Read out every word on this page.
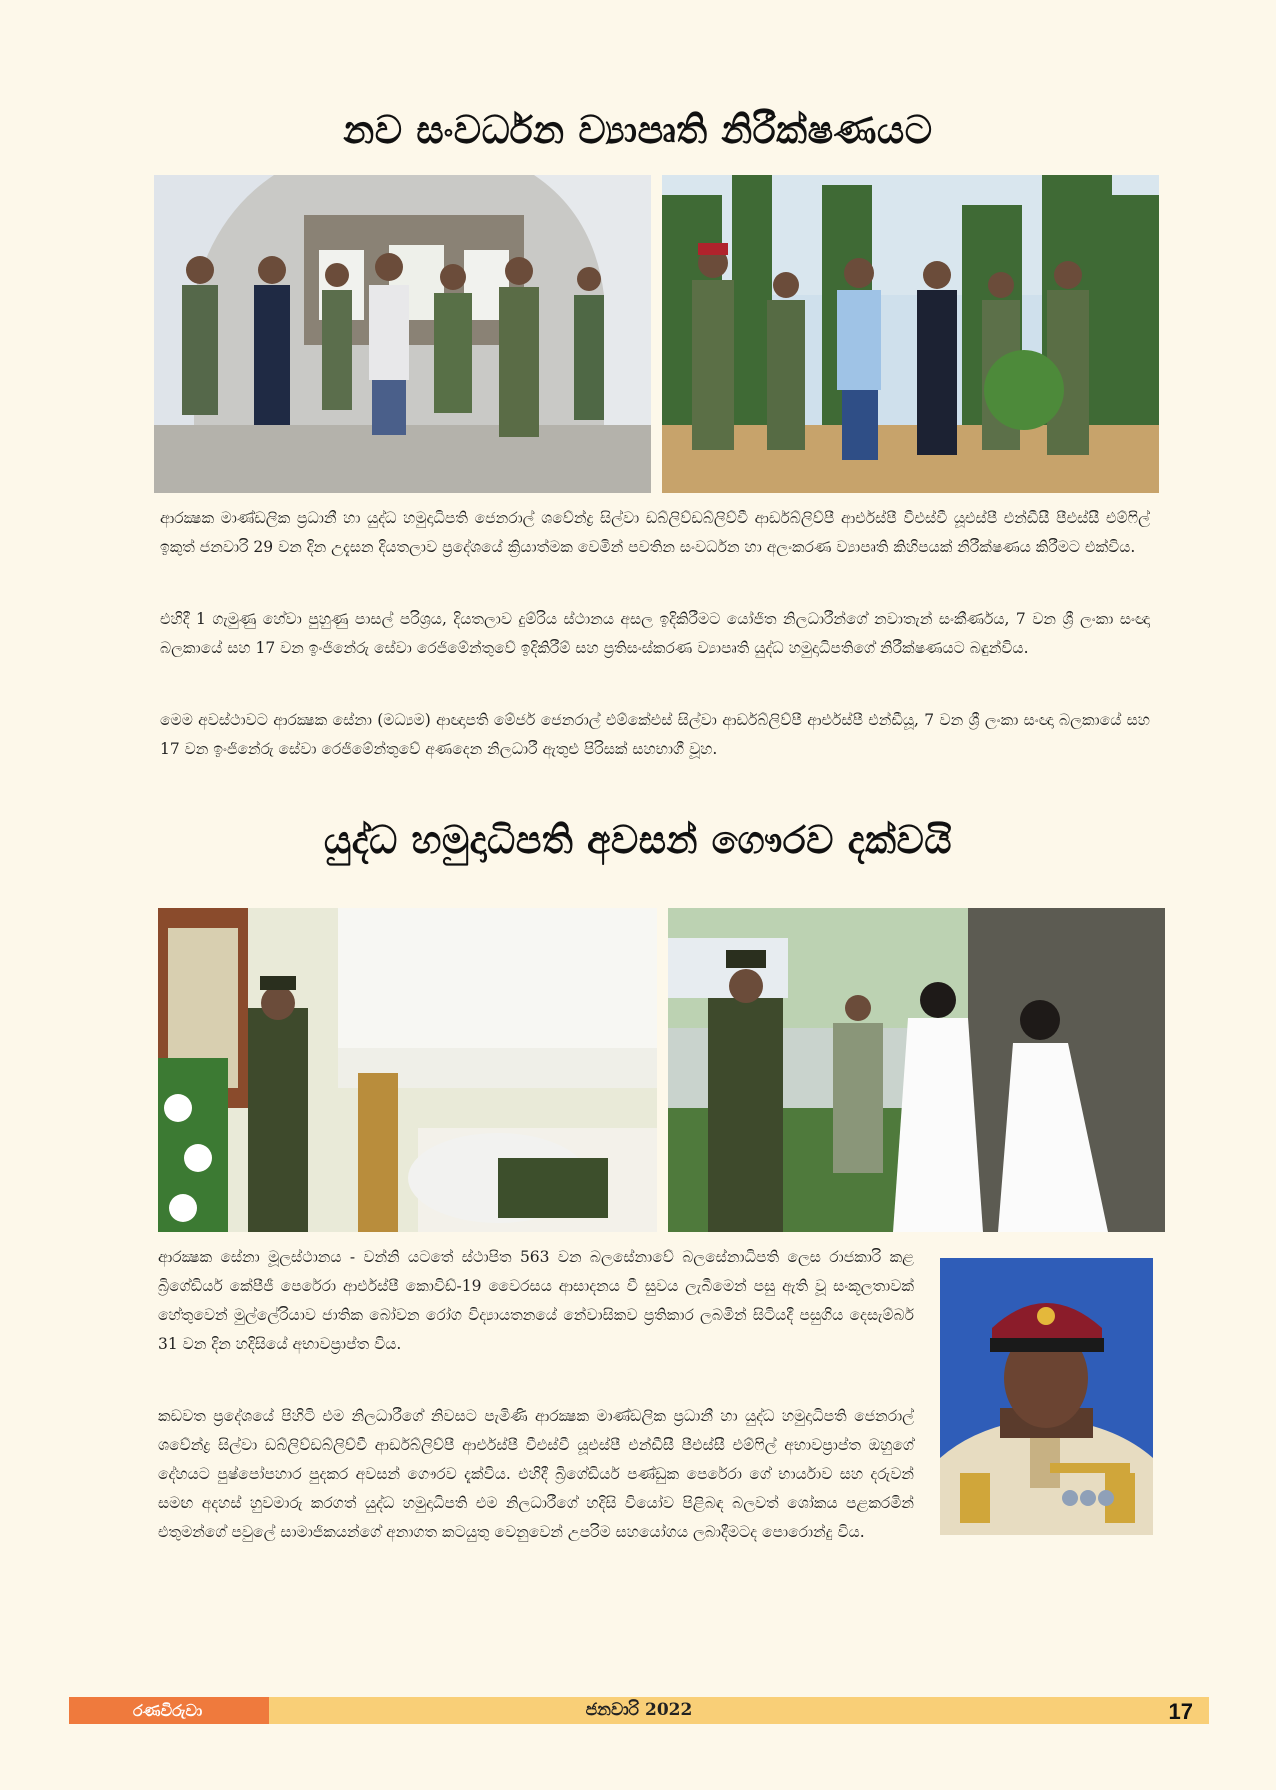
නව සංවර්ධන ව්‍යාපෘති නිරීක්ෂණයට

ආරක්‍ෂක මාණ්ඩලික ප්‍රධානී හා යුද්ධ හමුදාධිපති ජෙනරාල් ශවේන්ද්‍ර සිල්වා ඩබ්ලිව්ඩබ්ලිව්වී ආර්ඩබ්ලිව්පී ආර්එස්පී වීඑස්වී යූඑස්පී එන්ඩීසී පීඑස්සී එම්ෆිල් ඉකුත් ජනවාරි 29 වන දින උදැසන දියතලාව ප්‍රදේශයේ ක්‍රියාත්මක වෙමින් පවතින සංවර්ධන හා අලංකරණ ව්‍යාපෘති කිහිපයක් නිරීක්ෂණය කිරීමට එක්විය.

එහිදී 1 ගැමුණු හේවා පුහුණු පාසල් පරිශ්‍රය, දියතලාව දුම්රිය ස්ථානය අසල ඉදිකිරීමට යෝජිත නිලධාරීන්ගේ නවාතැන් සංකීර්ණය, 7 වන ශ්‍රී ලංකා සංඥා බලකායේ සහ 17 වන ඉංජිනේරු සේවා රෙජිමේන්තුවේ ඉදිකිරීම් සහ ප්‍රතිසංස්කරණ ව්‍යාපෘති යුද්ධ හමුදාධිපතිගේ නිරීක්ෂණයට බඳුන්විය.

මෙම අවස්ථාවට ආරක්‍ෂක සේනා (මධ්‍යම) ආඥාපති මේජර් ජෙනරාල් එම්කේඑස් සිල්වා ආර්ඩබ්ලිව්පී ආර්එස්පී එන්ඩීයූ, 7 වන ශ්‍රී ලංකා සංඥා බලකායේ සහ 17 වන ඉංජිනේරු සේවා රෙජිමේන්තුවේ අණදෙන නිලධාරී ඇතුළු පිරිසක් සහභාගී වූහ.

යුද්ධ හමුදාධිපති අවසන් ගෞරව දක්වයි

ආරක්‍ෂක සේනා මූලස්ථානය - වන්නි යටතේ ස්ථාපිත 563 වන බලසේනාවේ බලසේනාධිපති ලෙස රාජකාරි කළ බ්‍රිගේඩියර් කේපීජී පෙරේරා ආර්එස්පී කොවිඩ්-19 වෛරසය ආසාදනය වී සුවය ලැබීමෙන් පසු ඇති වූ සංකූලතාවක් හේතුවෙන් මුල්ලේරියාව ජාතික බෝවන රෝග විද්‍යායතනයේ නේවාසිකව ප්‍රතිකාර ලබමින් සිටියදී පසුගිය දෙසැම්බර් 31 වන දින හදිසියේ අභාවප්‍රාප්ත විය.

කඩවත ප්‍රදේශයේ පිහිටි එම නිලධාරීගේ නිවසට පැමිණි ආරක්‍ෂක මාණ්ඩලික ප්‍රධානී හා යුද්ධ හමුදාධිපති ජෙනරාල් ශවේන්ද්‍ර සිල්වා ඩබ්ලිව්ඩබ්ලිව්වී ආර්ඩබ්ලිව්පී ආර්එස්පී වීඑස්වී යූඑස්පී එන්ඩීසී පීඑස්සී එම්ෆිල් අභාවප්‍රාප්ත ඔහුගේ දේහයට පුෂ්පෝපහාර පුදකර අවසන් ගෞරව දැක්විය. එහිදී බ්‍රිගේඩියර් පණ්ඩුක පෙරේරා ගේ භාර්යාව සහ දරුවන් සමඟ අදහස් හුවමාරු කරගත් යුද්ධ හමුදාධිපති එම නිලධාරීගේ හදිසි වියෝව පිළිබඳ බලවත් ශෝකය පළකරමින් එතුමන්ගේ පවුලේ සාමාජිකයන්ගේ අනාගත කටයුතු වෙනුවෙන් උපරිම සහයෝගය ලබාදීමටද පොරොන්දු විය.

රණවිරුවා	ජනවාරි 2022	17
